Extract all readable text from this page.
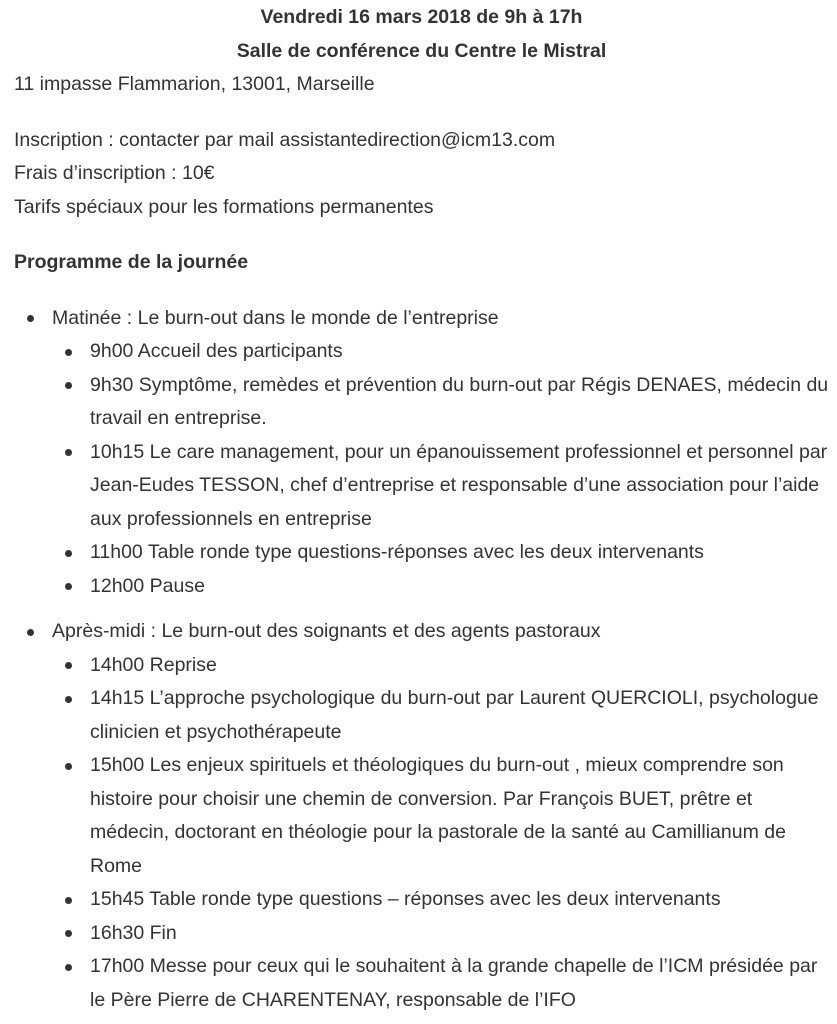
Vendredi 16 mars 2018 de 9h à 17h
Salle de conférence du Centre le Mistral
11 impasse Flammarion, 13001, Marseille
Inscription : contacter par mail assistantedirection@icm13.com
Frais d’inscription : 10€
Tarifs spéciaux pour les formations permanentes
Programme de la journée
Matinée : Le burn-out dans le monde de l’entreprise
9h00 Accueil des participants
9h30 Symptôme, remèdes et prévention du burn-out par Régis DENAES, médecin du travail en entreprise.
10h15 Le care management, pour un épanouissement professionnel et personnel par Jean-Eudes TESSON, chef d’entreprise et responsable d’une association pour l’aide aux professionnels en entreprise
11h00 Table ronde type questions-réponses avec les deux intervenants
12h00 Pause
Après-midi : Le burn-out des soignants et des agents pastoraux
14h00 Reprise
14h15 L’approche psychologique du burn-out par Laurent QUERCIOLI, psychologue clinicien et psychothérapeute
15h00 Les enjeux spirituels et théologiques du burn-out , mieux comprendre son histoire pour choisir une chemin de conversion. Par François BUET, prêtre et médecin, doctorant en théologie pour la pastorale de la santé au Camillianum de Rome
15h45 Table ronde type questions – réponses avec les deux intervenants
16h30 Fin
17h00 Messe pour ceux qui le souhaitent à la grande chapelle de l’ICM présidée par le Père Pierre de CHARENTENAY, responsable de l’IFO
